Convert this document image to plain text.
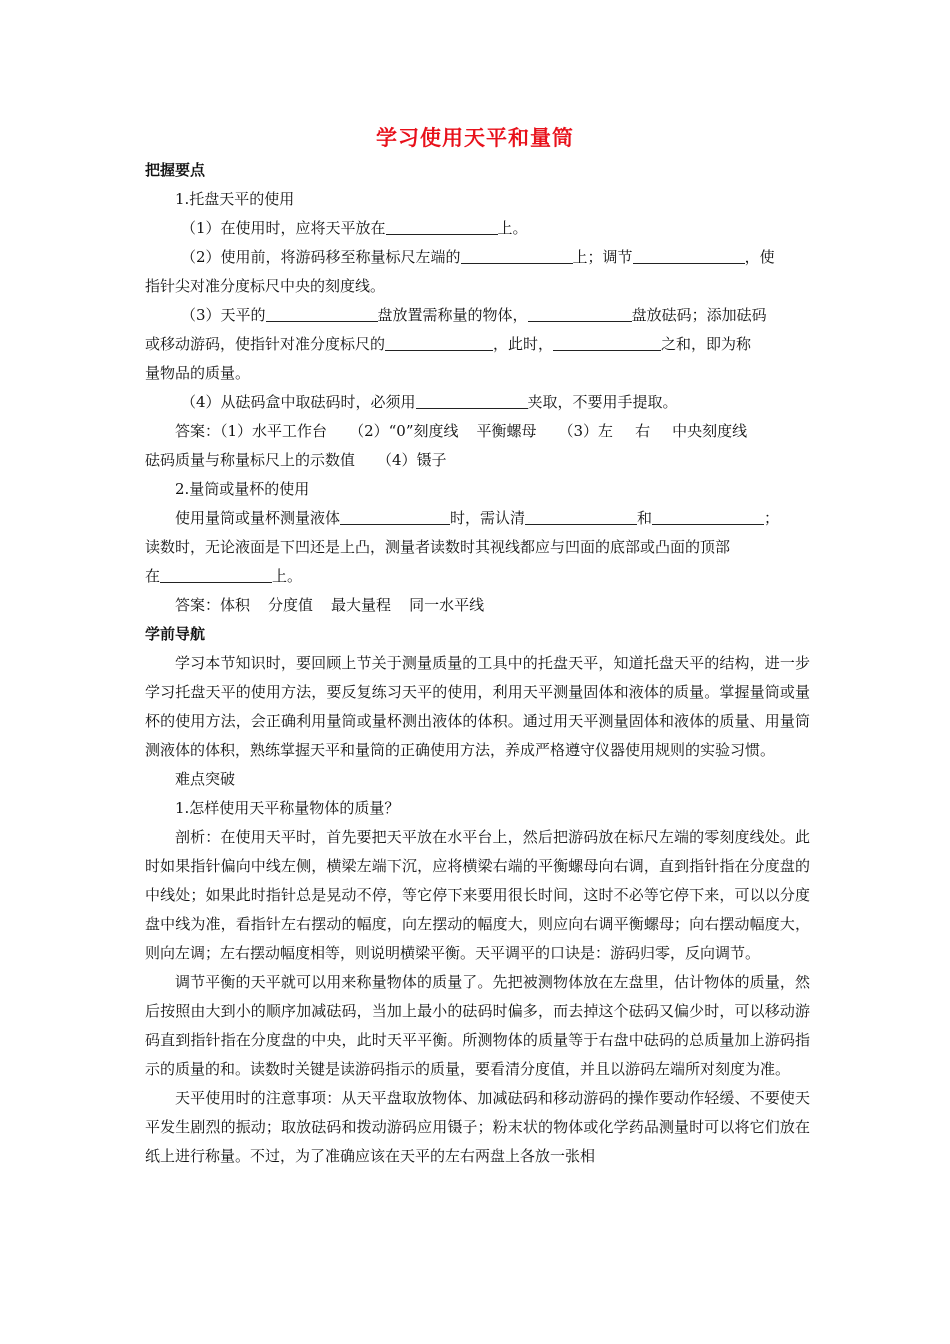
学习使用天平和量筒

把握要点

1.托盘天平的使用

（1）在使用时，应将天平放在	上。

（2）使用前，将游码移至称量标尺左端的	上；调节	，使

指针尖对准分度标尺中央的刻度线。

（3）天平的	盘放置需称量的物体，	盘放砝码；添加砝码

或移动游码，使指针对准分度标尺的	，此时，	之和，即为称

量物品的质量。

（4）从砝码盒中取砝码时，必须用	夹取，不要用手提取。

答案：（1）水平工作台 （2）“0”刻度线 平衡螺母 （3）左 右 中央刻度线

砝码质量与称量标尺上的示数值 （4）镊子

2.量筒或量杯的使用

使用量筒或量杯测量液体	时，需认清	和	；

读数时，无论液面是下凹还是上凸，测量者读数时其视线都应与凹面的底部或凸面的顶部

在	上。

答案：体积 分度值 最大量程 同一水平线

学前导航

学习本节知识时，要回顾上节关于测量质量的工具中的托盘天平，知道托盘天平的结构，进一步学习托盘天平的使用方法，要反复练习天平的使用，利用天平测量固体和液体的质量。掌握量筒或量杯的使用方法，会正确利用量筒或量杯测出液体的体积。通过用天平测量固体和液体的质量、用量筒测液体的体积，熟练掌握天平和量筒的正确使用方法，养成严格遵守仪器使用规则的实验习惯。

难点突破

1.怎样使用天平称量物体的质量？

剖析：在使用天平时，首先要把天平放在水平台上，然后把游码放在标尺左端的零刻度线处。此时如果指针偏向中线左侧，横梁左端下沉，应将横梁右端的平衡螺母向右调，直到指针指在分度盘的中线处；如果此时指针总是晃动不停，等它停下来要用很长时间，这时不必等它停下来，可以以分度盘中线为准，看指针左右摆动的幅度，向左摆动的幅度大，则应向右调平衡螺母；向右摆动幅度大，则向左调；左右摆动幅度相等，则说明横梁平衡。天平调平的口诀是：游码归零，反向调节。

调节平衡的天平就可以用来称量物体的质量了。先把被测物体放在左盘里，估计物体的质量，然后按照由大到小的顺序加减砝码，当加上最小的砝码时偏多，而去掉这个砝码又偏少时，可以移动游码直到指针指在分度盘的中央，此时天平平衡。所测物体的质量等于右盘中砝码的总质量加上游码指示的质量的和。读数时关键是读游码指示的质量，要看清分度值，并且以游码左端所对刻度为准。

天平使用时的注意事项：从天平盘取放物体、加减砝码和移动游码的操作要动作轻缓、不要使天平发生剧烈的振动；取放砝码和拨动游码应用镊子；粉末状的物体或化学药品测量时可以将它们放在纸上进行称量。不过，为了准确应该在天平的左右两盘上各放一张相
